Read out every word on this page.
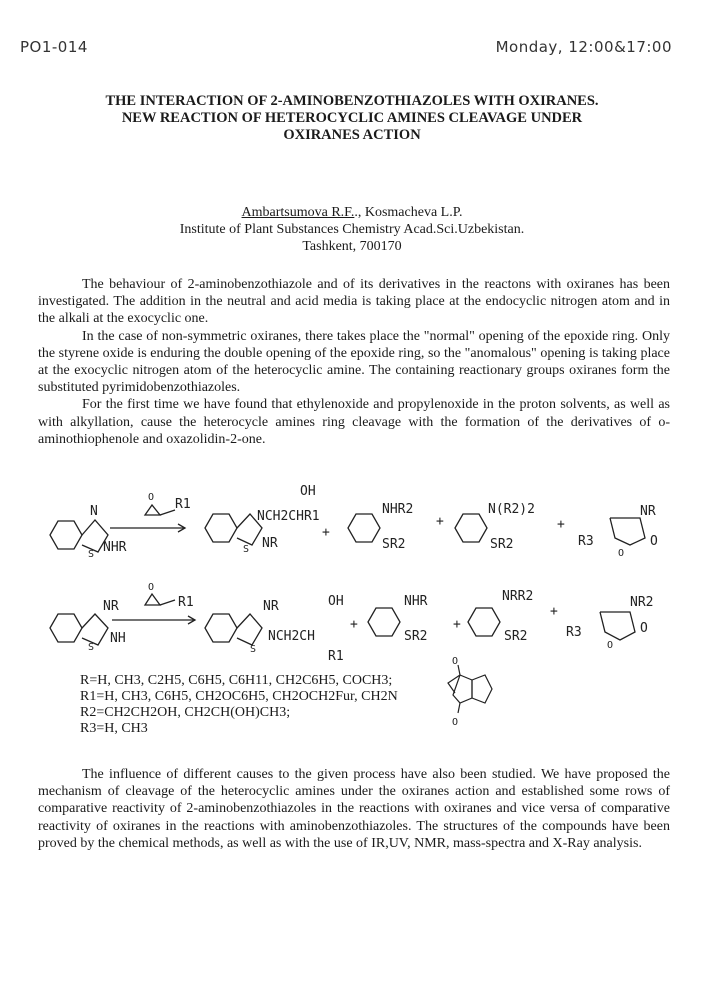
PO1-014	Monday, 12:00&17:00
THE INTERACTION OF 2-AMINOBENZOTHIAZOLES WITH OXIRANES.
NEW REACTION OF HETEROCYCLIC AMINES CLEAVAGE UNDER
OXIRANES ACTION
Ambartsumova R.F.., Kosmacheva L.P.
Institute of Plant Substances Chemistry Acad.Sci.Uzbekistan.
Tashkent, 700170

The behaviour of 2-aminobenzothiazole and of its derivatives in the reactons with oxiranes has been investigated. The addition in the neutral and acid media is taking place at the endocyclic nitrogen atom and in the alkali at the exocyclic one.

In the case of non-symmetric oxiranes, there takes place the "normal" opening of the epoxide ring. Only the styrene oxide is enduring the double opening of the epoxide ring, so the "anomalous" opening is taking place at the exocyclic nitrogen atom of the heterocyclic amine. The containing reactionary groups oxiranes form the substituted pyrimidobenzothiazoles.

For the first time we have found that ethylenoxide and propylenoxide in the proton solvents, as well as with alkyllation, cause the heterocycle amines ring cleavage with the formation of the derivatives of o-aminothiophenole and oxazolidin-2-one.

N
S NHR
O R1
OH
NCH2CHR1
S NR
+
NHR2
SR2
+
N(R2)2
SR2
+
NR
R3
O
O
NR
S
NH
O
R1	NR
S
NCH2CH
OH
R1
+
NHR
SR2
+
NRR2
SR2
+
NR2
R3
O
O
R=H, CH3, C2H5, C6H5, C6H11, CH2C6H5, COCH3;
R1=H, CH3, C6H5, CH2OC6H5, CH2OCH2Fur, CH2N
R2=CH2CH2OH, CH2CH(OH)CH3;
R3=H, CH3
O
O

The influence of different causes to the given process have also been studied. We have proposed the mechanism of cleavage of the heterocyclic amines under the oxiranes action and established some rows of comparative reactivity of 2-aminobenzothiazoles in the reactions with oxiranes and vice versa of comparative reactivity of oxiranes in the reactions with aminobenzothiazoles. The structures of the compounds have been proved by the chemical methods, as well as with the use of IR,UV, NMR, mass-spectra and X-Ray analysis.
